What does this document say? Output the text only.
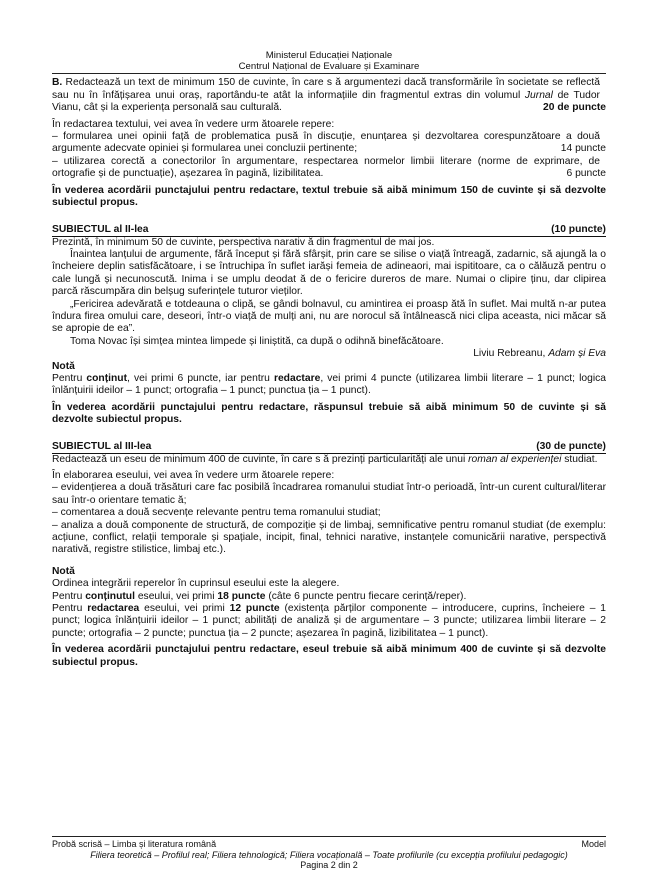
Ministerul Educației Naționale
Centrul Național de Evaluare și Examinare

B. Redactează un text de minimum 150 de cuvinte, în care s ă argumentezi dacă transformările în societate se reflectă sau nu în înfățișarea unui oraș, raportându-te atât la informațiile din fragmentul extras din volumul Jurnal de Tudor Vianu, cât și la experiența personală sau culturală.	20 de puncte

În redactarea textului, vei avea în vedere urm ătoarele repere:

– formularea unei opinii față de problematica pusă în discuție, enunțarea și dezvoltarea corespunzătoare a două argumente adecvate opiniei și formularea unei concluzii pertinente;	14 puncte

– utilizarea corectă a conectorilor în argumentare, respectarea normelor limbii literare (norme de exprimare, de ortografie și de punctuație), așezarea în pagină, lizibilitatea.	6 puncte

În vederea acordării punctajului pentru redactare, textul trebuie să aibă minimum 150 de cuvinte și să dezvolte subiectul propus.

SUBIECTUL al II-lea	(10 puncte)

Prezintă, în minimum 50 de cuvinte, perspectiva narativ ă din fragmentul de mai jos.

Înaintea lanțului de argumente, fără început și fără sfârșit, prin care se silise o viață întreagă, zadarnic, să ajungă la o încheiere deplin satisfăcătoare, i se întruchipa în suflet iarăși femeia de adineaori, mai ispititoare, ca o călăuză pentru o cale lungă și necunoscută. Inima i se umplu deodat ă de o fericire dureros de mare. Numai o clipire ținu, dar clipirea parcă răscumpăra din belșug suferințele tuturor vieților.

„Fericirea adevărată e totdeauna o clipă, se gândi bolnavul, cu amintirea ei proasp ătă în suflet. Mai multă n-ar putea îndura firea omului care, deseori, într-o viață de mulți ani, nu are norocul să întâlnească nici clipa aceasta, nici măcar să se apropie de ea”.

Toma Novac își simțea mintea limpede și liniștită, ca după o odihnă binefăcătoare.

Liviu Rebreanu, Adam și Eva

Notă

Pentru conținut, vei primi 6 puncte, iar pentru redactare, vei primi 4 puncte (utilizarea limbii literare – 1 punct; logica înlănțuirii ideilor – 1 punct; ortografia – 1 punct; punctua ția – 1 punct).

În vederea acordării punctajului pentru redactare, răspunsul trebuie să aibă minimum 50 de cuvinte și să dezvolte subiectul propus.

SUBIECTUL al III-lea	(30 de puncte)

Redactează un eseu de minimum 400 de cuvinte, în care s ă prezinți particularități ale unui roman al experienței studiat.

În elaborarea eseului, vei avea în vedere urm ătoarele repere:

– evidențierea a două trăsături care fac posibilă încadrarea romanului studiat într-o perioadă, într-un curent cultural/literar sau într-o orientare tematic ă;

– comentarea a două secvențe relevante pentru tema romanului studiat;

– analiza a două componente de structură, de compoziție și de limbaj, semnificative pentru romanul studiat (de exemplu: acțiune, conflict, relații temporale și spațiale, incipit, final, tehnici narative, instanțele comunicării narative, perspectivă narativă, registre stilistice, limbaj etc.).

Notă

Ordinea integrării reperelor în cuprinsul eseului este la alegere.

Pentru conținutul eseului, vei primi 18 puncte (câte 6 puncte pentru fiecare cerință/reper).

Pentru redactarea eseului, vei primi 12 puncte (existența părților componente – introducere, cuprins, încheiere – 1 punct; logica înlănțuirii ideilor – 1 punct; abilități de analiză și de argumentare – 3 puncte; utilizarea limbii literare – 2 puncte; ortografia – 2 puncte; punctua ția – 2 puncte; așezarea în pagină, lizibilitatea – 1 punct).

În vederea acordării punctajului pentru redactare, eseul trebuie să aibă minimum 400 de cuvinte și să dezvolte subiectul propus.

Probă scrisă – Limba și literatura română	Model
Filiera teoretică – Profilul real; Filiera tehnologică; Filiera vocațională – Toate profilurile (cu excepția profilului pedagogic)
Pagina 2 din 2
